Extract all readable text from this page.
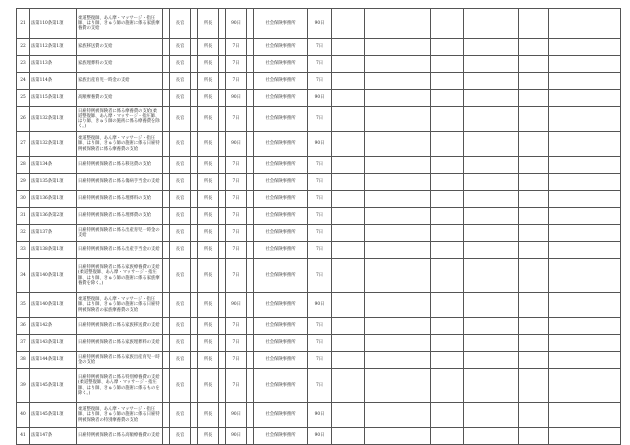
21	法第110条第1項	柔道整復師、あん摩・マッサージ・指圧師、はり師、きゅう師の施術に係る家族療養費の支給		長官		所長		90日		社会保険事務所	90日						
22	法第112条第1項	家族移送費の支給		長官		所長		7日		社会保険事務所	7日						
23	法第113条	家族埋葬料の支給		長官		所長		7日		社会保険事務所	7日						
24	法第114条	家族出産育児一時金の支給		長官		所長		7日		社会保険事務所	7日						
25	法第115条第1項	高額療養費の支給		長官		所長		90日		社会保険事務所	90日						
26	法第132条第1項	日雇特例被保険者に係る療養費の支給(柔道整復師、あん摩・マッサージ・指圧師、はり師、きゅう師の施術に係る療養費を除く。)		長官		所長		7日		社会保険事務所	7日						
27	法第132条第1項	柔道整復師、あん摩・マッサージ・指圧師、はり師、きゅう師の施術に係る日雇特例被保険者に係る療養費の支給		長官		所長		90日		社会保険事務所	90日						
28	法第134条	日雇特例被保険者に係る移送費の支給		長官		所長		7日		社会保険事務所	7日						
29	法第135条第1項	日雇特例被保険者に係る傷病手当金の支給		長官		所長		7日		社会保険事務所	7日						
30	法第136条第1項	日雇特例被保険者に係る埋葬料の支給		長官		所長		7日		社会保険事務所	7日						
31	法第136条第2項	日雇特例被保険者に係る埋葬費の支給		長官		所長		7日		社会保険事務所	7日						
32	法第137条	日雇特例被保険者に係る出産育児一時金の支給		長官		所長		7日		社会保険事務所	7日						
33	法第138条第1項	日雇特例被保険者に係る出産手当金の支給		長官		所長		7日		社会保険事務所	7日						
34	法第140条第1項	日雇特例被保険者に係る家族療養費の支給(柔道整復師、あん摩・マッサージ・指圧師、はり師、きゅう師の施術に係る家族療養費を除く。)		長官		所長		7日		社会保険事務所	7日						
35	法第140条第1項	柔道整復師、あん摩・マッサージ・指圧師、はり師、きゅう師の施術に係る日雇特例被保険者の家族療養費の支給		長官		所長		90日		社会保険事務所	90日						
36	法第142条	日雇特例被保険者に係る家族移送費の支給		長官		所長		7日		社会保険事務所	7日						
37	法第143条第1項	日雇特例被保険者に係る家族埋葬料の支給		長官		所長		7日		社会保険事務所	7日						
38	法第144条第1項	日雇特例被保険者に係る家族出産育児一時金の支給		長官		所長		7日		社会保険事務所	7日						
39	法第145条第1項	日雇特例被保険者に係る特別療養費の支給(柔道整復師、あん摩・マッサージ・指圧師、はり師、きゅう師の施術に係るものを除く。)		長官		所長		7日		社会保険事務所	7日						
40	法第145条第1項	柔道整復師、あん摩・マッサージ・指圧師、はり師、きゅう師の施術に係る日雇特例被保険者の特別療養費の支給		長官		所長		90日		社会保険事務所	90日						
41	法第147条	日雇特例被保険者に係る高額療養費の支給		長官		所長		90日		社会保険事務所	90日						
